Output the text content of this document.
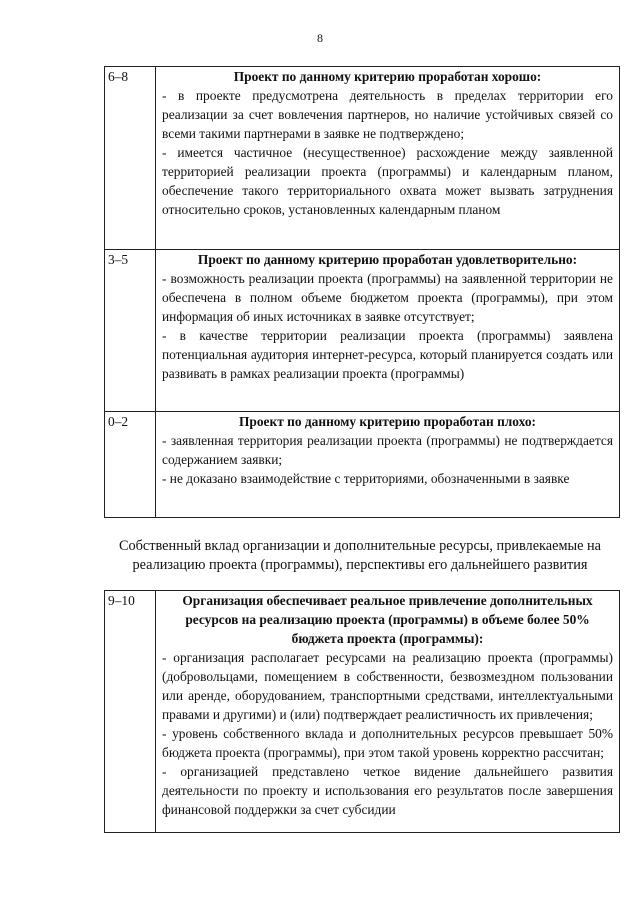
8
6–8	Проект по данному критерию проработан хорошо:
- в проекте предусмотрена деятельность в пределах территории его реализации за счет вовлечения партнеров, но наличие устойчивых связей со всеми такими партнерами в заявке не подтверждено;
- имеется частичное (несущественное) расхождение между заявленной территорией реализации проекта (программы) и календарным планом, обеспечение такого территориального охвата может вызвать затруднения относительно сроков, установленных календарным планом

3–5	Проект по данному критерию проработан удовлетворительно:
- возможность реализации проекта (программы) на заявленной территории не обеспечена в полном объеме бюджетом проекта (программы), при этом информация об иных источниках в заявке отсутствует;
- в качестве территории реализации проекта (программы) заявлена потенциальная аудитория интернет-ресурса, который планируется создать или развивать в рамках реализации проекта (программы)

0–2	Проект по данному критерию проработан плохо:
- заявленная территория реализации проекта (программы) не подтверждается содержанием заявки;
- не доказано взаимодействие с территориями, обозначенными в заявке
Собственный вклад организации и дополнительные ресурсы, привлекаемые на реализацию проекта (программы), перспективы его дальнейшего развития
9–10	Организация обеспечивает реальное привлечение дополнительных ресурсов на реализацию проекта (программы) в объеме более 50% бюджета проекта (программы):
- организация располагает ресурсами на реализацию проекта (программы) (добровольцами, помещением в собственности, безвозмездном пользовании или аренде, оборудованием, транспортными средствами, интеллектуальными правами и другими) и (или) подтверждает реалистичность их привлечения;
- уровень собственного вклада и дополнительных ресурсов превышает 50% бюджета проекта (программы), при этом такой уровень корректно рассчитан;
- организацией представлено четкое видение дальнейшего развития деятельности по проекту и использования его результатов после завершения финансовой поддержки за счет субсидии
